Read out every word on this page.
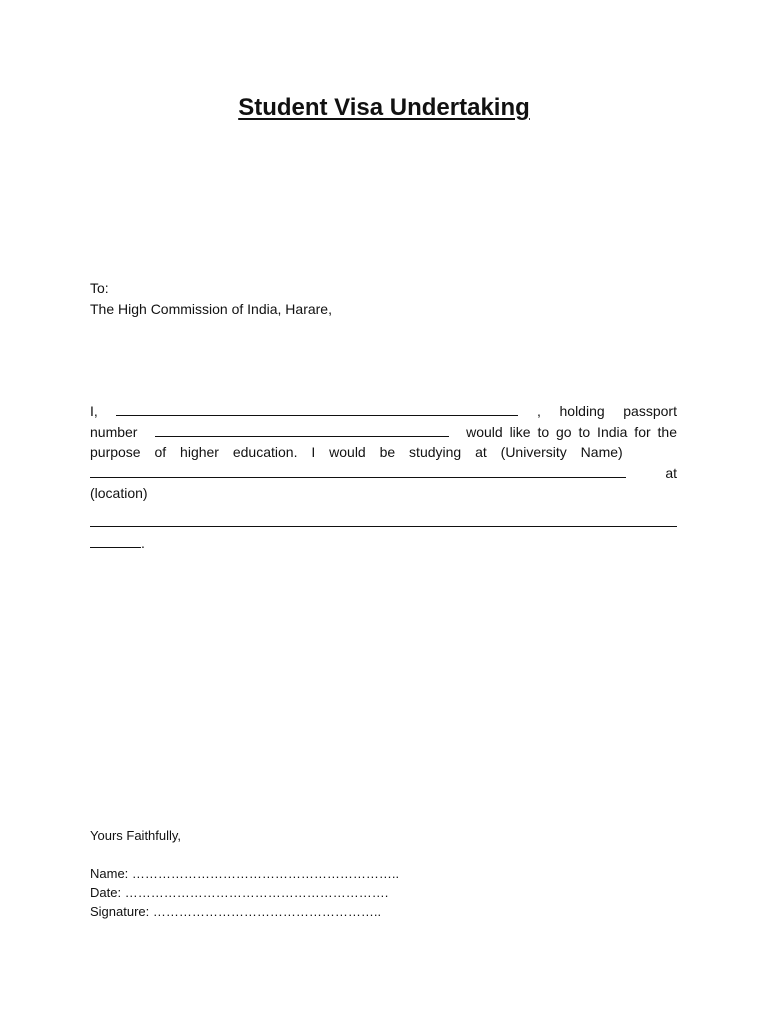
Student Visa Undertaking
To:
The High Commission of India, Harare,
I,	, holding passport
number	would like to go to India for the
purpose of higher education. I would be studying at (University Name)
at
(location)
.
Yours Faithfully,
Name: ……………………………………………………..
Date: …………………………………………………….
Signature: ……………………………………………..
